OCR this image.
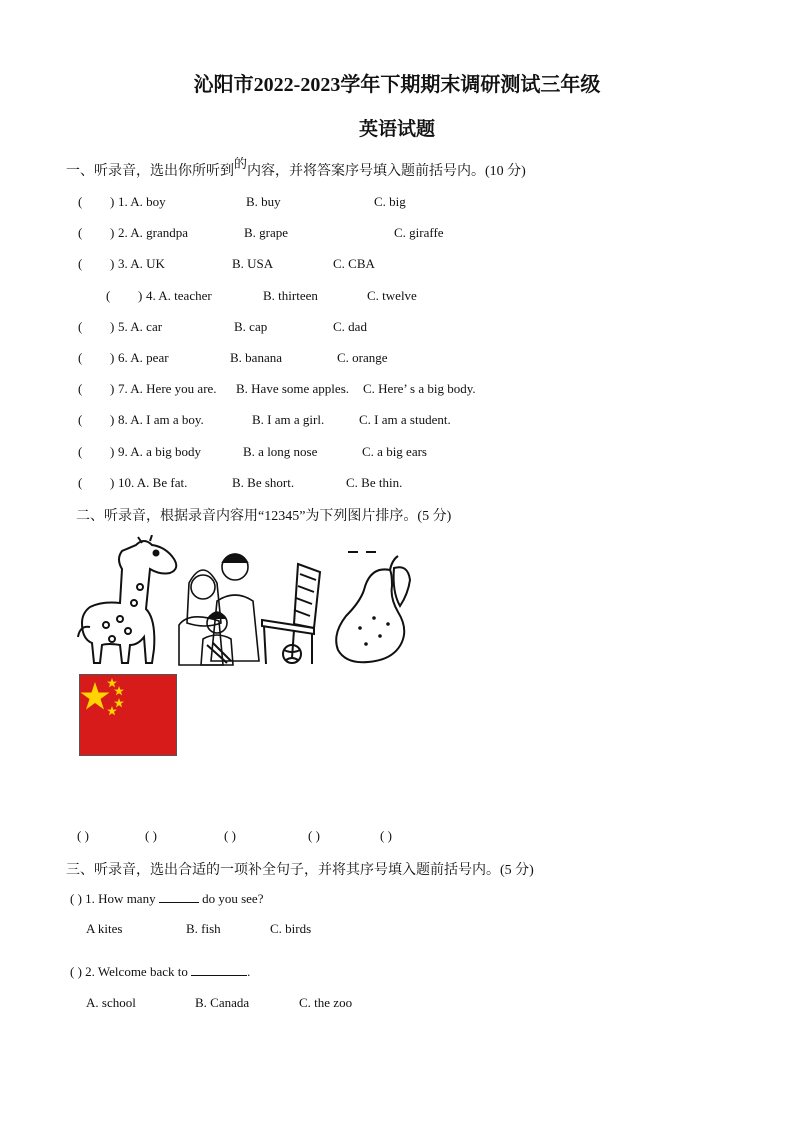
沁阳市2022-2023学年下期期末调研测试三年级
英语试题
一、听录音，选出你所听到的内容，并将答案序号填入题前括号内。(10 分)
( ) 1. A. boy	B. buy	C. big
( ) 2. A. grandpa	B. grape	C. giraffe
( ) 3. A. UK	B. USA	C. CBA
( ) 4. A. teacher	B. thirteen	C. twelve
( ) 5. A. car	B. cap	C. dad
( ) 6. A. pear	B. banana	C. orange
( ) 7. A. Here you are. B. Have some apples. C. Here’ s a big body.
( ) 8. A. I am a boy.	B. I am a girl.	C. I am a student.
( ) 9. A. a big body	B. a long nose	C. a big ears
( ) 10. A. Be fat.	B. Be short.	C. Be thin.
二、听录音，根据录音内容用“12345”为下列图片排序。(5 分)
( )	( )	( )	( )	( )
三、听录音，选出合适的一项补全句子，并将其序号填入题前括号内。(5 分)
( ) 1. How many	do you see?
A kites	B. fish	C. birds
( ) 2. Welcome back to	.
A. school	B. Canada	C. the zoo
